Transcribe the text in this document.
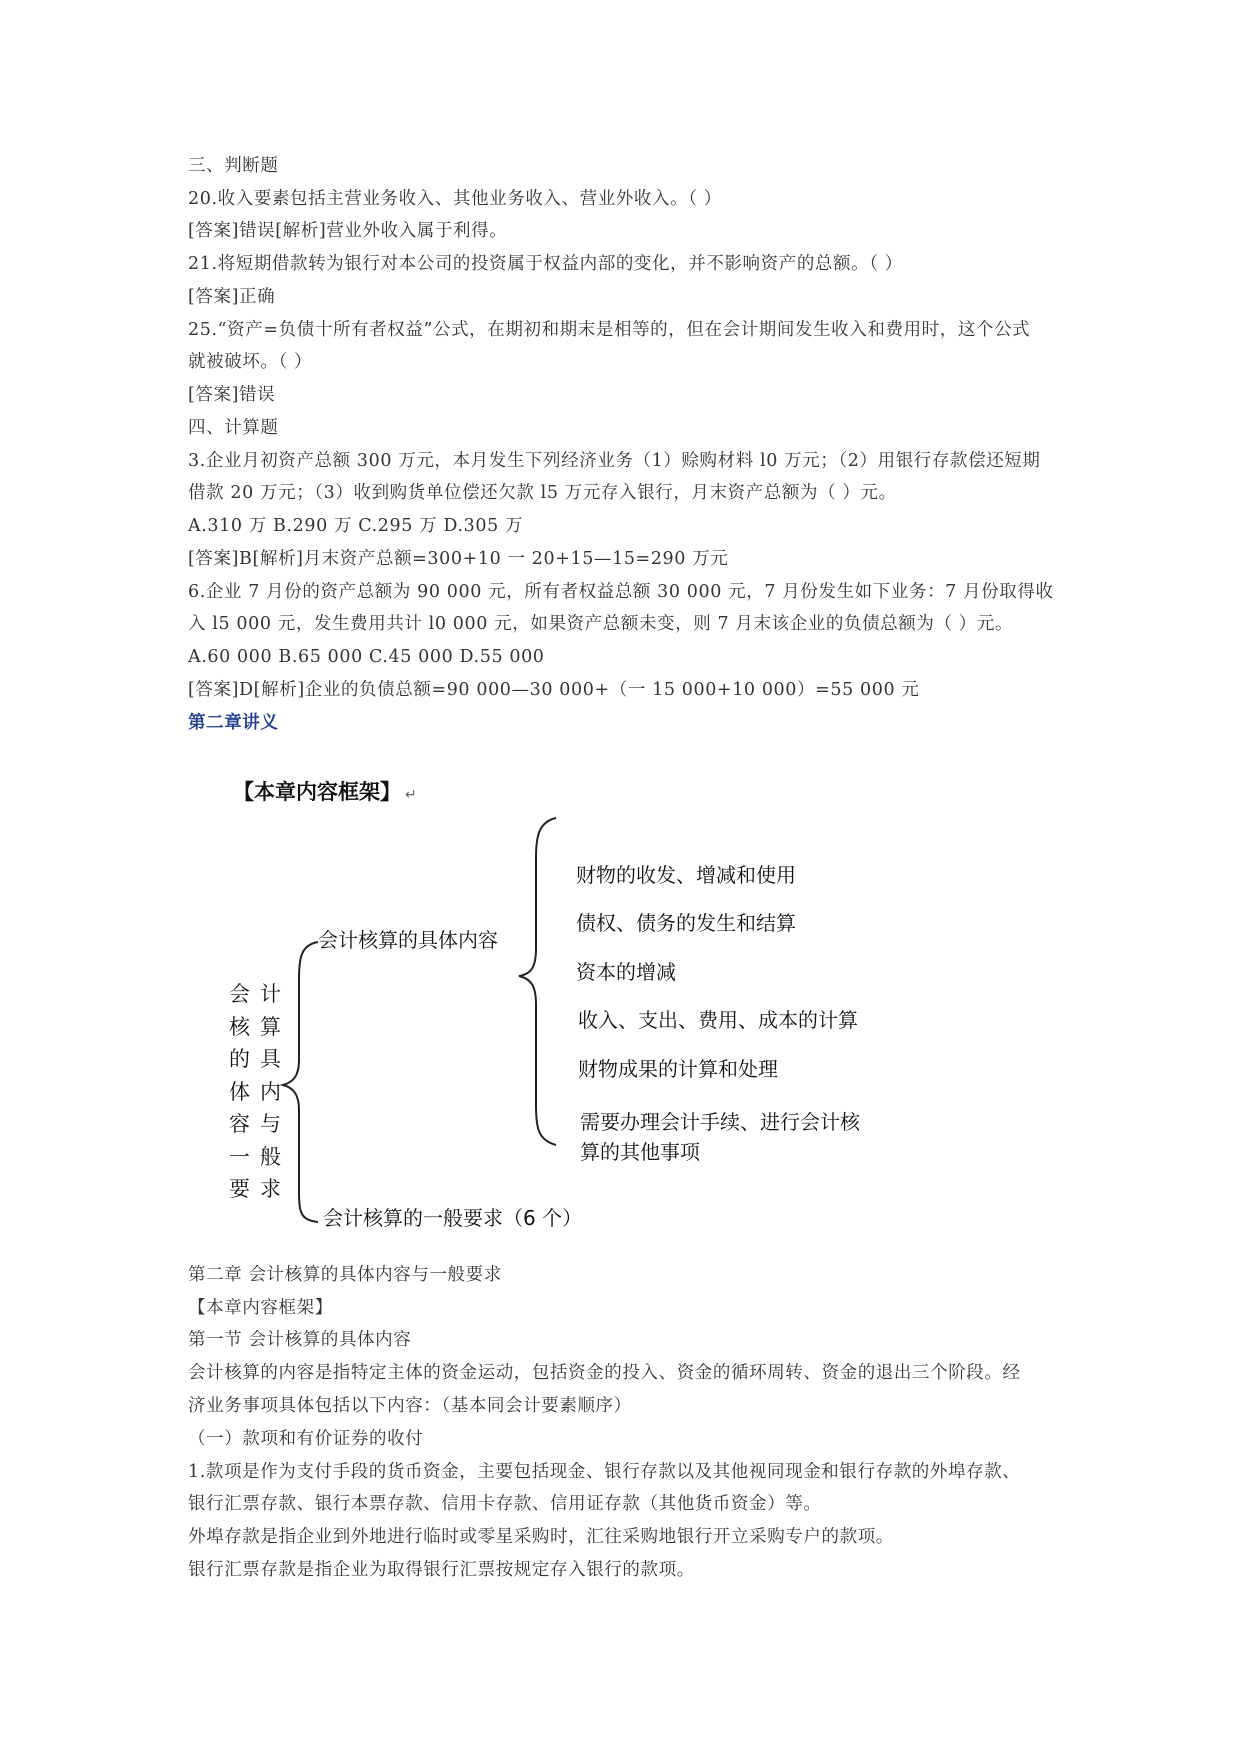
三、判断题
20.收入要素包括主营业务收入、其他业务收入、营业外收入。（ ）
[答案]错误[解析]营业外收入属于利得。
21.将短期借款转为银行对本公司的投资属于权益内部的变化，并不影响资产的总额。（ ）
[答案]正确
25.“资产=负债十所有者权益”公式，在期初和期末是相等的，但在会计期间发生收入和费用时，这个公式
就被破坏。（ ）
[答案]错误
四、计算题
3.企业月初资产总额 300 万元，本月发生下列经济业务（1）赊购材料 l0 万元；（2）用银行存款偿还短期
借款 20 万元；（3）收到购货单位偿还欠款 l5 万元存入银行，月末资产总额为（ ）元。
A.310 万 B.290 万 C.295 万 D.305 万
[答案]B[解析]月末资产总额=300+10 一 20+15—15=290 万元
6.企业 7 月份的资产总额为 90 000 元，所有者权益总额 30 000 元，7 月份发生如下业务：7 月份取得收
入 l5 000 元，发生费用共计 l0 000 元，如果资产总额未变，则 7 月末该企业的负债总额为（ ）元。
A.60 000 B.65 000 C.45 000 D.55 000
[答案]D[解析]企业的负债总额=90 000—30 000+（一 15 000+10 000）=55 000 元
第二章讲义
【本章内容框架】 ↵
会 计
核 算
的 具
体 内
容 与
一 般
要 求
会计核算的具体内容
会计核算的一般要求（6 个）
财物的收发、增减和使用
债权、债务的发生和结算
资本的增减
收入、支出、费用、成本的计算
财物成果的计算和处理
需要办理会计手续、进行会计核
算的其他事项
第二章 会计核算的具体内容与一般要求
【本章内容框架】
第一节 会计核算的具体内容
会计核算的内容是指特定主体的资金运动，包括资金的投入、资金的循环周转、资金的退出三个阶段。经
济业务事项具体包括以下内容：（基本同会计要素顺序）
（一）款项和有价证券的收付
1.款项是作为支付手段的货币资金，主要包括现金、银行存款以及其他视同现金和银行存款的外埠存款、
银行汇票存款、银行本票存款、信用卡存款、信用证存款（其他货币资金）等。
外埠存款是指企业到外地进行临时或零星采购时，汇往采购地银行开立采购专户的款项。
银行汇票存款是指企业为取得银行汇票按规定存入银行的款项。
